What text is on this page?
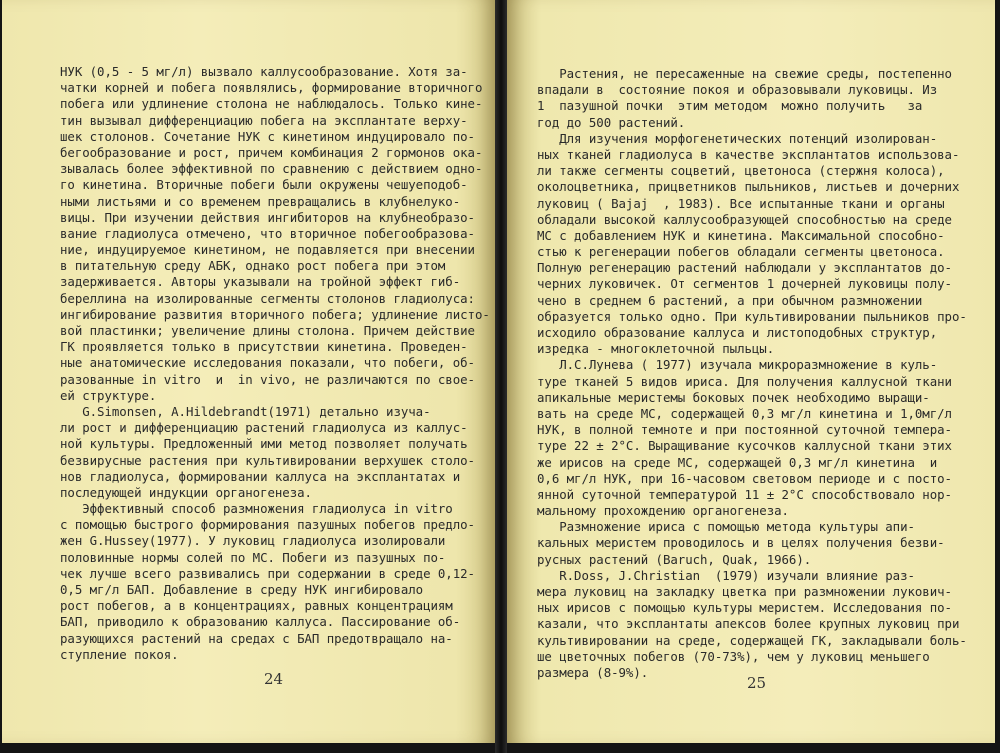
НУК (0,5 - 5 мг/л) вызвало каллусообразование. Хотя за-
чатки корней и побега появлялись, формирование вторичного
побега или удлинение столона не наблюдалось. Только кине-
тин вызывал дифференциацию побега на эксплантате верху-
шек столонов. Сочетание НУК с кинетином индуцировало по-
бегообразование и рост, причем комбинация 2 гормонов ока-
зывалась более эффективной по сравнению с действием одно-
го кинетина. Вторичные побеги были окружены чешуеподоб-
ными листьями и со временем превращались в клубнелуко-
вицы. При изучении действия ингибиторов на клубнеобразо-
вание гладиолуса отмечено, что вторичное побегообразова-
ние, индуцируемое кинетином, не подавляется при внесении
в питательную среду АБК, однако рост побега при этом
задерживается. Авторы указывали на тройной эффект гиб-
береллина на изолированные сегменты столонов гладиолуса:
ингибирование развития вторичного побега; удлинение листо-
вой пластинки; увеличение длины столона. Причем действие
ГК проявляется только в присутствии кинетина. Проведен-
ные анатомические исследования показали, что побеги, об-
разованные in vitro  и  in vivo, не различаются по свое-
ей структуре.
G.Simonsen, A.Hildebrandt(1971) детально изуча-
ли рост и дифференциацию растений гладиолуса из каллус-
ной культуры. Предложенный ими метод позволяет получать
безвирусные растения при культивировании верхушек столо-
нов гладиолуса, формировании каллуса на эксплантатах и
последующей индукции органогенеза.
Эффективный способ размножения гладиолуса in vitro
с помощью быстрого формирования пазушных побегов предло-
жен G.Hussey(1977). У луковиц гладиолуса изолировали
половинные нормы солей по МС. Побеги из пазушных по-
чек лучше всего развивались при содержании в среде 0,12-
0,5 мг/л БАП. Добавление в среду НУК ингибировало
рост побегов, а в концентрациях, равных концентрациям
БАП, приводило к образованию каллуса. Пассирование об-
разующихся растений на средах с БАП предотвращало на-
ступление покоя.
24
Растения, не пересаженные на свежие среды, постепенно
впадали в  состояние покоя и образовывали луковицы. Из
1  пазушной почки  этим методом  можно получить   за
год до 500 растений.
Для изучения морфогенетических потенций изолирован-
ных тканей гладиолуса в качестве эксплантатов использова-
ли также сегменты соцветий, цветоноса (стержня колоса),
околоцветника, прицветников пыльников, листьев и дочерних
луковиц ( Bajaj  , 1983). Все испытанные ткани и органы
обладали высокой каллусообразующей способностью на среде
МС с добавлением НУК и кинетина. Максимальной способно-
стью к регенерации побегов обладали сегменты цветоноса.
Полную регенерацию растений наблюдали у эксплантатов до-
черних луковичек. От сегментов 1 дочерней луковицы полу-
чено в среднем 6 растений, а при обычном размножении
образуется только одно. При культивировании пыльников про-
исходило образование каллуса и листоподобных структур,
изредка - многоклеточной пыльцы.
Л.С.Лунева ( 1977) изучала микроразмножение в куль-
туре тканей 5 видов ириса. Для получения каллусной ткани
апикальные меристемы боковых почек необходимо выращи-
вать на среде МС, содержащей 0,3 мг/л кинетина и 1,0мг/л
НУК, в полной темноте и при постоянной суточной темпера-
туре 22 ± 2°С. Выращивание кусочков каллусной ткани этих
же ирисов на среде МС, содержащей 0,3 мг/л кинетина  и
0,6 мг/л НУК, при 16-часовом световом периоде и с посто-
янной суточной температурой 11 ± 2°С способствовало нор-
мальному прохождению органогенеза.
Размножение ириса с помощью метода культуры апи-
кальных меристем проводилось и в целях получения безви-
русных растений (Baruch, Quak, 1966).
R.Doss, J.Christian  (1979) изучали влияние раз-
мера луковиц на закладку цветка при размножении лукович-
ных ирисов с помощью культуры меристем. Исследования по-
казали, что эксплантаты апексов более крупных луковиц при
культивировании на среде, содержащей ГК, закладывали боль-
ше цветочных побегов (70-73%), чем у луковиц меньшего
размера (8-9%).
25
